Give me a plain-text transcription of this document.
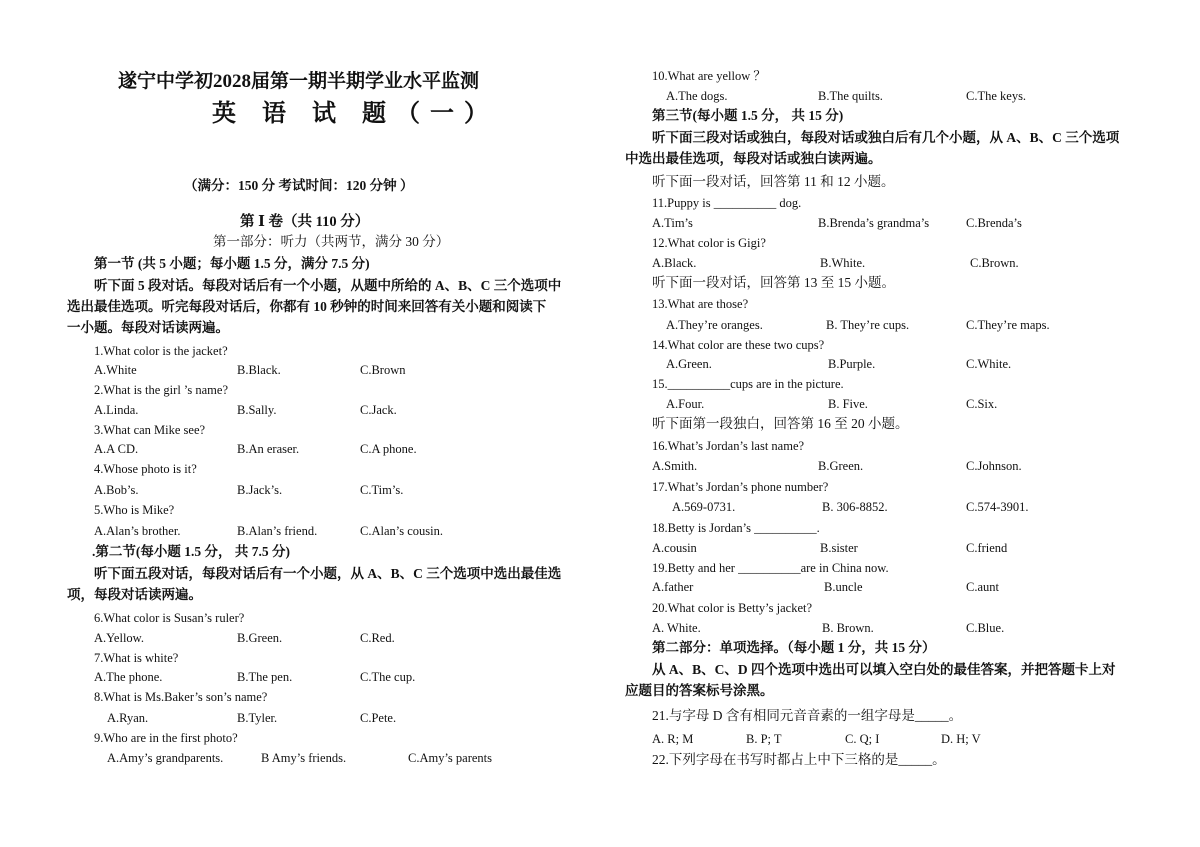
遂宁中学初2028届第一期半期学业水平监测
英 语 试 题（一）
（满分：150 分 考试时间：120 分钟 ）
第 Ⅰ 卷（共 110 分）
第一部分：听力（共两节，满分 30 分）
第一节 (共 5 小题；每小题 1.5 分，满分 7.5 分)
听下面 5 段对话。每段对话后有一个小题，从题中所给的 A、B、C 三个选项中
选出最佳选项。听完每段对话后，你都有 10 秒钟的时间来回答有关小题和阅读下
一小题。每段对话读两遍。
1.What color is the jacket?
A.White	B.Black.	C.Brown
2.What is the girl ’s name?
A.Linda.	B.Sally.	C.Jack.
3.What can Mike see?
A.A CD.	B.An eraser.	C.A phone.
4.Whose photo is it?
A.Bob’s.	B.Jack’s.	C.Tim’s.
5.Who is Mike?
A.Alan’s brother.	B.Alan’s friend.	C.Alan’s cousin.
.第二节(每小题 1.5 分， 共 7.5 分)
听下面五段对话，每段对话后有一个小题，从 A、B、C 三个选项中选出最佳选
项，每段对话读两遍。
6.What color is Susan’s ruler?
A.Yellow.	B.Green.	C.Red.
7.What is white?
A.The phone.	B.The pen.	C.The cup.
8.What is Ms.Baker’s son’s name?
A.Ryan.	B.Tyler.	C.Pete.
9.Who are in the first photo?
A.Amy’s grandparents.	B Amy’s friends.	C.Amy’s parents
10.What are yellow ？
A.The dogs.	B.The quilts.	C.The keys.
第三节(每小题 1.5 分， 共 15 分)
听下面三段对话或独白，每段对话或独白后有几个小题，从 A、B、C 三个选项
中选出最佳选项，每段对话或独白读两遍。
听下面一段对话，回答第 11 和 12 小题。
11.Puppy is __________ dog.
A.Tim’s	B.Brenda’s grandma’s	C.Brenda’s
12.What color is Gigi?
A.Black.	B.White.	C.Brown.
听下面一段对话，回答第 13 至 15 小题。
13.What are those?
A.They’re oranges.	B. They’re cups.	C.They’re maps.
14.What color are these two cups?
A.Green.	B.Purple.	C.White.
15.__________cups are in the picture.
A.Four.	B. Five.	C.Six.
听下面第一段独白，回答第 16 至 20 小题。
16.What’s Jordan’s last name?
A.Smith.	B.Green.	C.Johnson.
17.What’s Jordan’s phone number?
A.569-0731.	B. 306-8852.	C.574-3901.
18.Betty is Jordan’s __________.
A.cousin	B.sister	C.friend
19.Betty and her __________are in China now.
A.father	B.uncle	C.aunt
20.What color is Betty’s jacket?
A. White.	B. Brown.	C.Blue.
第二部分：单项选择。（每小题 1 分，共 15 分）
从 A、B、C、D 四个选项中选出可以填入空白处的最佳答案，并把答题卡上对
应题目的答案标号涂黑。
21.与字母 D 含有相同元音音素的一组字母是_____。
A. R; M	B. P; T	C. Q; I	D. H; V
22.下列字母在书写时都占上中下三格的是_____。
